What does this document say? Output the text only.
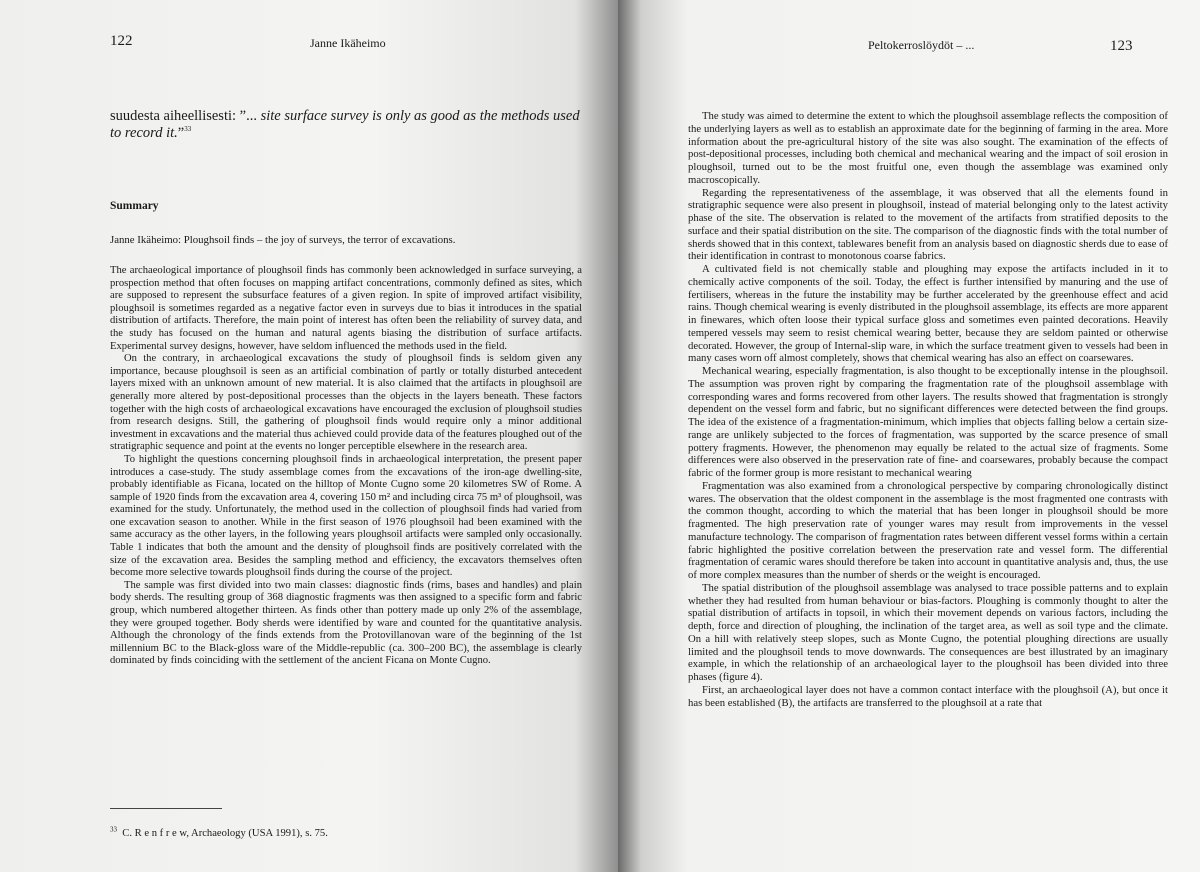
122	Janne Ikäheimo

suudesta aiheellisesti: ”... site surface survey is only as good as the methods used to record it.”$^{33}$

Summary
Janne Ikäheimo: Ploughsoil finds – the joy of surveys, the terror of excavations.

The archaeological importance of ploughsoil finds has commonly been acknowledged in surface surveying, a prospection method that often focuses on mapping artifact concentrations, commonly defined as sites, which are supposed to represent the subsurface features of a given region. In spite of improved artifact visibility, ploughsoil is sometimes regarded as a negative factor even in surveys due to bias it introduces in the spatial distribution of artifacts. Therefore, the main point of interest has often been the reliability of survey data, and the study has focused on the human and natural agents biasing the distribution of surface artifacts. Experimental survey designs, however, have seldom influenced the methods used in the field.

On the contrary, in archaeological excavations the study of ploughsoil finds is seldom given any importance, because ploughsoil is seen as an artificial combination of partly or totally disturbed antecedent layers mixed with an unknown amount of new material. It is also claimed that the artifacts in ploughsoil are generally more altered by post-depositional processes than the objects in the layers beneath. These factors together with the high costs of archaeological excavations have encouraged the exclusion of ploughsoil studies from research designs. Still, the gathering of ploughsoil finds would require only a minor additional investment in excavations and the material thus achieved could provide data of the features ploughed out of the stratigraphic sequence and point at the events no longer perceptible elsewhere in the research area.

To highlight the questions concerning ploughsoil finds in archaeological interpretation, the present paper introduces a case-study. The study assemblage comes from the excavations of the iron-age dwelling-site, probably identifiable as Ficana, located on the hilltop of Monte Cugno some 20 kilometres SW of Rome. A sample of 1920 finds from the excavation area 4, covering 150 m² and including circa 75 m³ of ploughsoil, was examined for the study. Unfortunately, the method used in the collection of ploughsoil finds had varied from one excavation season to another. While in the first season of 1976 ploughsoil had been examined with the same accuracy as the other layers, in the following years ploughsoil artifacts were sampled only occasionally. Table 1 indicates that both the amount and the density of ploughsoil finds are positively correlated with the size of the excavation area. Besides the sampling method and efficiency, the excavators themselves often become more selective towards ploughsoil finds during the course of the project.

The sample was first divided into two main classes: diagnostic finds (rims, bases and handles) and plain body sherds. The resulting group of 368 diagnostic fragments was then assigned to a specific form and fabric group, which numbered altogether thirteen. As finds other than pottery made up only 2% of the assemblage, they were grouped together. Body sherds were identified by ware and counted for the quantitative analysis. Although the chronology of the finds extends from the Protovillanovan ware of the beginning of the 1st millennium BC to the Black-gloss ware of the Middle-republic (ca. 300–200 BC), the assemblage is clearly dominated by finds coinciding with the settlement of the ancient Ficana on Monte Cugno.

$^{33}$ C. R e n f r e w, Archaeology (USA 1991), s. 75.
Peltokerroslöydöt – ...	123

The study was aimed to determine the extent to which the ploughsoil assemblage reflects the composition of the underlying layers as well as to establish an approximate date for the beginning of farming in the area. More information about the pre-agricultural history of the site was also sought. The examination of the effects of post-depositional processes, including both chemical and mechanical wearing and the impact of soil erosion in ploughsoil, turned out to be the most fruitful one, even though the assemblage was examined only macroscopically.

Regarding the representativeness of the assemblage, it was observed that all the elements found in stratigraphic sequence were also present in ploughsoil, instead of material belonging only to the latest activity phase of the site. The observation is related to the movement of the artifacts from stratified deposits to the surface and their spatial distribution on the site. The comparison of the diagnostic finds with the total number of sherds showed that in this context, tablewares benefit from an analysis based on diagnostic sherds due to ease of their identification in contrast to monotonous coarse fabrics.

A cultivated field is not chemically stable and ploughing may expose the artifacts included in it to chemically active components of the soil. Today, the effect is further intensified by manuring and the use of fertilisers, whereas in the future the instability may be further accelerated by the greenhouse effect and acid rains. Though chemical wearing is evenly distributed in the ploughsoil assemblage, its effects are more apparent in finewares, which often loose their typical surface gloss and sometimes even painted decorations. Heavily tempered vessels may seem to resist chemical wearing better, because they are seldom painted or otherwise decorated. However, the group of Internal-slip ware, in which the surface treatment given to vessels had been in many cases worn off almost completely, shows that chemical wearing has also an effect on coarsewares.

Mechanical wearing, especially fragmentation, is also thought to be exceptionally intense in the ploughsoil. The assumption was proven right by comparing the fragmentation rate of the ploughsoil assemblage with corresponding wares and forms recovered from other layers. The results showed that fragmentation is strongly dependent on the vessel form and fabric, but no significant differences were detected between the find groups. The idea of the existence of a fragmentation-minimum, which implies that objects falling below a certain size-range are unlikely subjected to the forces of fragmentation, was supported by the scarce presence of small pottery fragments. However, the phenomenon may equally be related to the actual size of fragments. Some differences were also observed in the preservation rate of fine- and coarsewares, probably because the compact fabric of the former group is more resistant to mechanical wearing

Fragmentation was also examined from a chronological perspective by comparing chronologically distinct wares. The observation that the oldest component in the assemblage is the most fragmented one contrasts with the common thought, according to which the material that has been longer in ploughsoil should be more fragmented. The high preservation rate of younger wares may result from improvements in the vessel manufacture technology. The comparison of fragmentation rates between different vessel forms within a certain fabric highlighted the positive correlation between the preservation rate and vessel form. The differential fragmentation of ceramic wares should therefore be taken into account in quantitative analysis and, thus, the use of more complex measures than the number of sherds or the weight is encouraged.

The spatial distribution of the ploughsoil assemblage was analysed to trace possible patterns and to explain whether they had resulted from human behaviour or bias-factors. Ploughing is commonly thought to alter the spatial distribution of artifacts in topsoil, in which their movement depends on various factors, including the depth, force and direction of ploughing, the inclination of the target area, as well as soil type and the climate. On a hill with relatively steep slopes, such as Monte Cugno, the potential ploughing directions are usually limited and the ploughsoil tends to move downwards. The consequences are best illustrated by an imaginary example, in which the relationship of an archaeological layer to the ploughsoil has been divided into three phases (figure 4).

First, an archaeological layer does not have a common contact interface with the ploughsoil (A), but once it has been established (B), the artifacts are transferred to the ploughsoil at a rate that
